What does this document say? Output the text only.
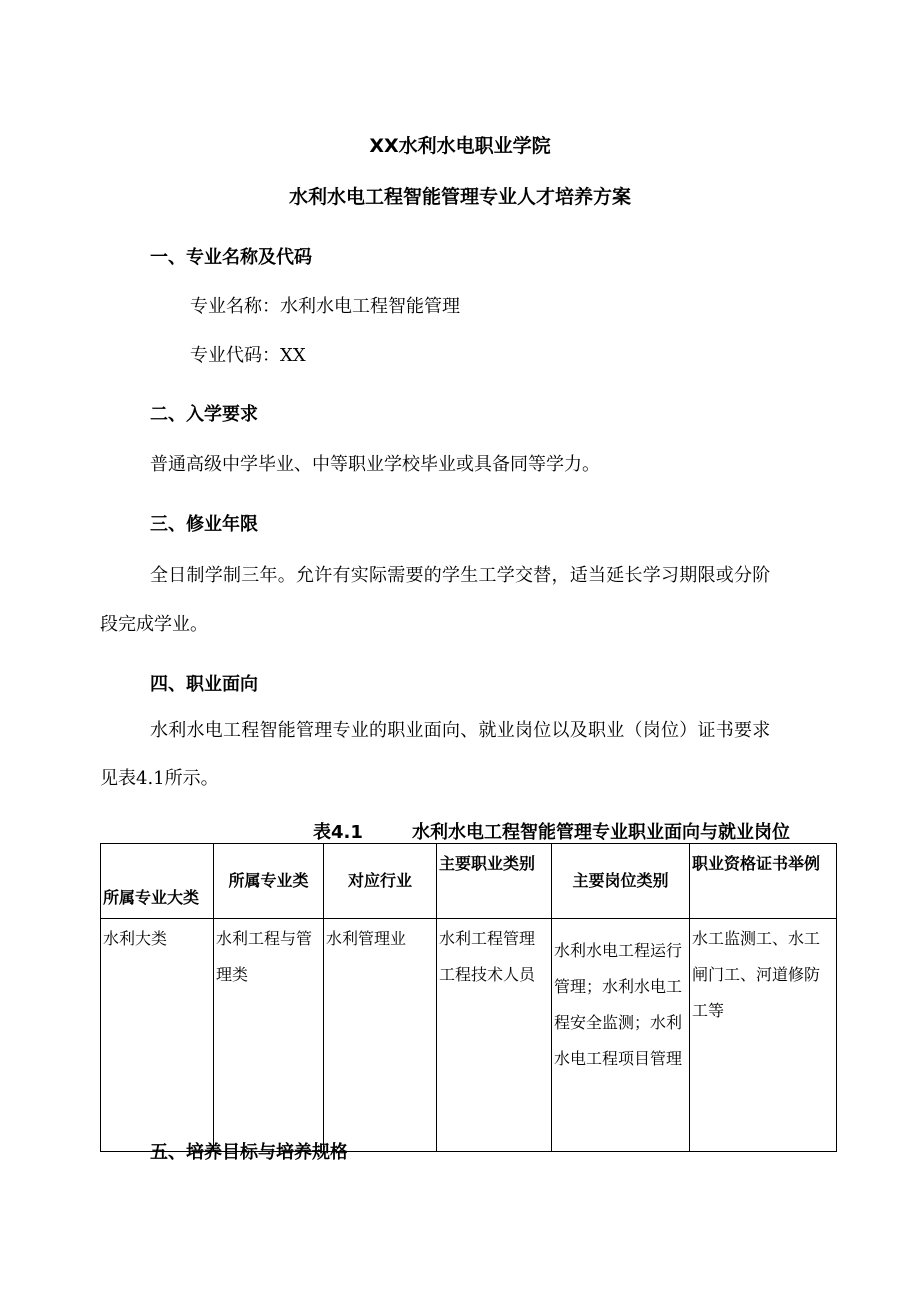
XX水利水电职业学院
水利水电工程智能管理专业人才培养方案
一、专业名称及代码
专业名称：水利水电工程智能管理
专业代码：XX
二、入学要求
普通高级中学毕业、中等职业学校毕业或具备同等学力。
三、修业年限
全日制学制三年。允许有实际需要的学生工学交替，适当延长学习期限或分阶
段完成学业。
四、职业面向
水利水电工程智能管理专业的职业面向、就业岗位以及职业（岗位）证书要求
见表4.1所示。
表4.1	水利水电工程智能管理专业职业面向与就业岗位
所属专业大类	所属专业类	对应行业	主要职业类别	主要岗位类别	职业资格证书举例
水利大类	水利工程与管理类	水利管理业	水利工程管理工程技术人员	水利水电工程运行管理；水利水电工程安全监测；水利水电工程项目管理	水工监测工、水工闸门工、河道修防工等
五、培养目标与培养规格
